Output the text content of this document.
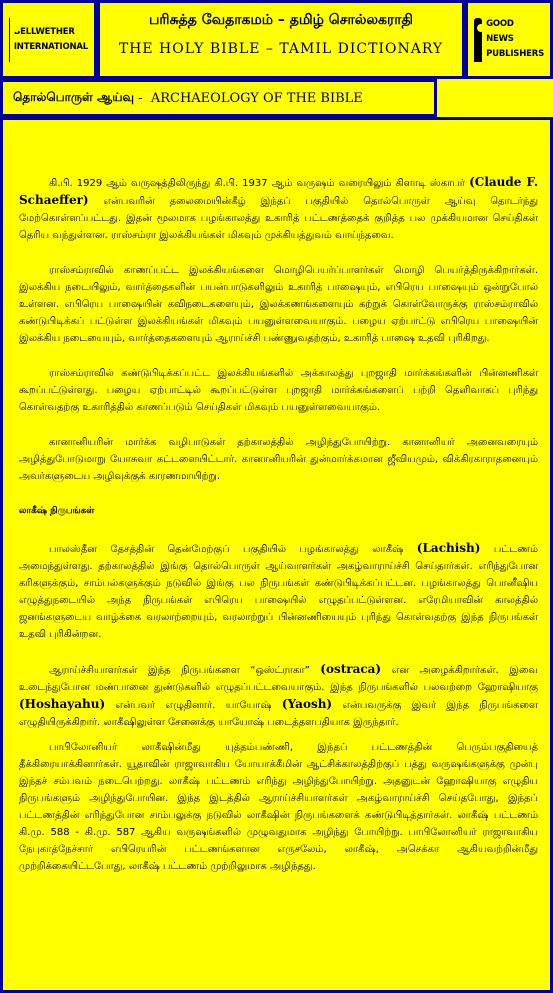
BELLWETHER
INTERNATIONAL
பரிசுத்த வேதாகமம் – தமிழ் சொல்லகராதி
THE HOLY BIBLE – TAMIL DICTIONARY
GOOD NEWS
PUBLISHERS
தொல்பொருள் ஆய்வு
-
ARCHAEOLOGY OF THE BIBLE

கி.பி. 1929 ஆம் வருஷத்திலிருந்து கி.பி. 1937 ஆம் வருஷம் வரையிலும் கிளாடி ஸ்காபர் (Claude F. Schaeffer) என்பவரின் தலைமையின்கீழ் இந்தப் பகுதியில் தொல்பொருள் ஆய்வு தொடர்ந்து மேற்கொள்ளப்பட்டது. இதன் மூலமாக பழங்காலத்து உகாரித் பட்டணத்தைக் குறித்த பல முக்கியமான செய்திகள் தெரிய வந்துள்ளன. ராஸ்சம்ரா இலக்கியங்கள் மிகவும் முக்கியத்துவம் வாய்ந்தவை.

ராஸ்சம்ராவில் காணப்பட்ட இலக்கியங்களை மொழிபெயர்ப்பாளர்கள் மொழி பெயர்த்திருக்கிறார்கள். இலக்கிய நடையிலும், வார்த்தைகளின் பயன்பாடுகளிலும் உகாரித் பாஷையும், எபிரெய பாஷையும் ஒன்றுபோல் உள்ளன. எபிரெய பாஷையின் கவிநடைகளையும், இலக்கணங்களையும் கற்றுக் கொள்வோருக்கு ராஸ்சம்ராவில் கண்டுபிடிக்கப் பட்டுள்ள இலக்கியங்கள் மிகவும் பயனுள்ளவையாகும். பழைய ஏற்பாட்டு எபிரெய பாஷையின் இலக்கிய நடையையும், வார்த்தைகளையும் ஆராய்ச்சி பண்ணுவதற்கும், உகாரித் பாஷை உதவி புரிகிறது.

ராஸ்சம்ராவில் கண்டுபிடிக்கப்பட்ட இலக்கியங்களில் அக்காலத்து புறஜாதி மார்க்கங்களின் பின்னணிகள் கூறப்பட்டுள்ளது. பழைய ஏற்பாட்டில் கூறப்பட்டுள்ள புறஜாதி மார்க்கங்களைப் பற்றி தெளிவாகப் புரிந்து கொள்வதற்கு உகாரித்தில் காணப்படும் செய்திகள் மிகவும் பயனுள்ளவையாகும்.

கானானியரின் மார்க்க வழிபாடுகள் தற்காலத்தில் அழிந்துபோயிற்று. கானானியர் அனைவரையும் அழித்துபோடுமாறு யோசுவா கட்டளையிட்டார். கானானியரின் துன்மார்க்கமான ஜீவியமும், விக்கிரகாராதனையும் அவர்களுடைய அழிவுக்குக் காரணமாயிற்று.

லாகீஷ் நிருபங்கள்

பாலஸ்தீன தேசத்தின் தென்மேற்குப் பகுதியில் பழங்காலத்து லாகீஷ் (Lachish) பட்டணம் அமைந்துள்ளது. தற்காலத்தில் இங்கு தொல்பொருள் ஆய்வாளர்கள் அகழ்வாராய்ச்சி செய்தார்கள். எரிந்துபோன கரிகளுக்கும், சாம்பல்களுக்கும் நடுவில் இங்கு பல நிருபங்கள் கண்டுபிடிக்கப்பட்டன. பழங்காலத்து பொனீஷிய எழுத்துநடையில் அந்த நிருபங்கள் எபிரெய பாஷையில் எழுதப்பட்டுள்ளன. எரேமியாவின் காலத்தில் ஜனங்களுடைய வாழ்க்கை வரலாற்றையும், வரலாற்றுப் பின்னணியையும் புரிந்து கொள்வதற்கு இந்த நிருபங்கள் உதவி புரிகின்றன.

ஆராய்ச்சியாளர்கள் இந்த நிருபங்களை “ஒஸ்ட்ராகா” (ostraca) என அழைக்கிறார்கள். இவை உடைந்துபோன மண்பானை துண்டுகளில் எழுதப்பட்டவையாகும். இந்த நிருபங்களில் பலவற்றை ஹோஷியாகு (Hoshayahu) என்பவர் எழுதினார். யாயோஷ் (Yaosh) என்பவருக்கு இவர் இந்த நிருபங்களை எழுதியிருக்கிறார். லாகீஷிலுள்ள சேனைக்கு யாயோஷ் படைத்தளபதியாக இருந்தார்.

பாபிலோனியர் லாகீஷின்மீது யுத்தம்பண்ணி, இந்தப் பட்டணத்தின் பெரும்பகுதியைத் தீக்கிரையாக்கினார்கள். யூதாவின் ராஜாவாகிய யோயாக்கீமின் ஆட்சிக்காலத்திற்குப் பத்து வருஷங்களுக்கு முன்பு இந்தச் சம்பவம் நடைபெற்றது. லாகீஷ் பட்டணம் எரிந்து அழிந்துபோயிற்று. அதனுடன் ஹோஷியாகு எழுதிய நிருபங்களும் அழிந்துபோயின. இந்த இடத்தில் ஆராய்ச்சியாளர்கள் அகழ்வாராய்ச்சி செய்தபோது, இந்தப் பட்டணத்தின் எரிந்துபோன சாம்பலுக்கு நடுவில் லாகீஷின் நிருபங்களைக் கண்டுபிடித்தார்கள். லாகீஷ் பட்டணம் கி.மு. 588 - கி.மு. 587 ஆகிய வருஷங்களில் முழுவதுமாக அழிந்து போயிற்று. பாபிலோனியர் ராஜாவாகிய நேபுகாத்நேச்சார் எபிரெயரின் பட்டணங்களான எருசலேம், லாகீஷ், அசெக்கா ஆகியவற்றின்மீது முற்றிக்கையிட்டபோது, லாகீஷ் பட்டணம் முற்றிலுமாக அழிந்தது.
